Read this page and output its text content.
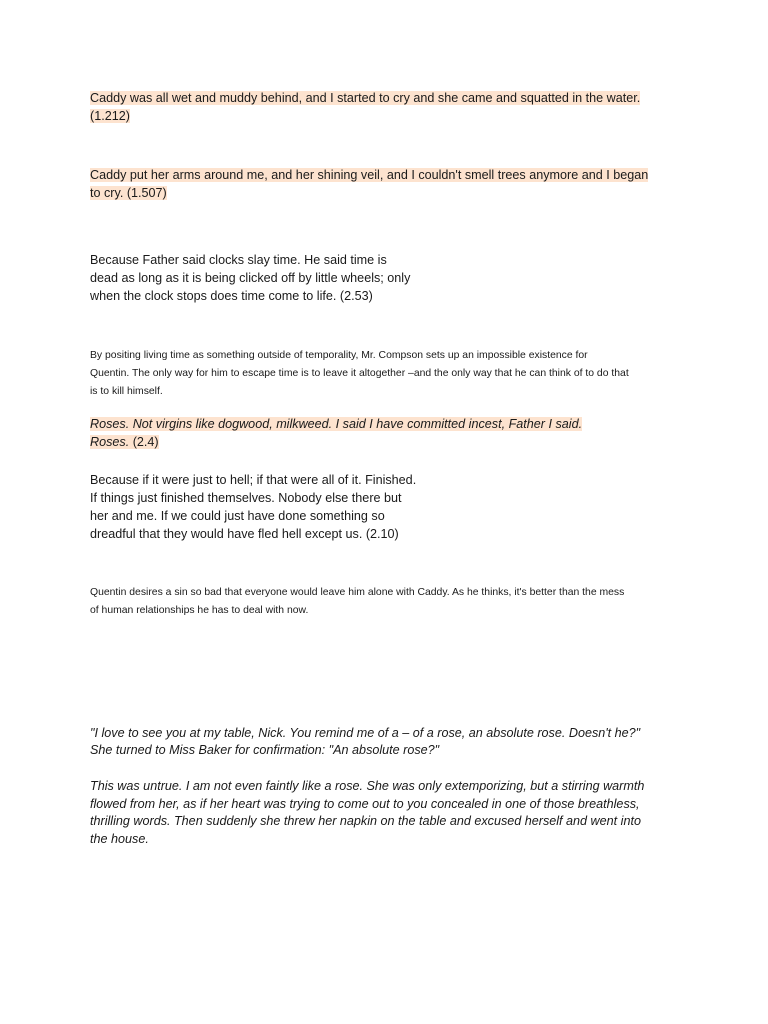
Caddy was all wet and muddy behind, and I started to cry and she came and squatted in the water.
(1.212)
Caddy put her arms around me, and her shining veil, and I couldn't smell trees anymore and I began
to cry. (1.507)
Because Father said clocks slay time. He said time is
dead as long as it is being clicked off by little wheels; only
when the clock stops does time come to life. (2.53)
By positing living time as something outside of temporality, Mr. Compson sets up an impossible existence for
Quentin. The only way for him to escape time is to leave it altogether –and the only way that he can think of to do that
is to kill himself.
Roses. Not virgins like dogwood, milkweed. I said I have committed incest, Father I said.
Roses. (2.4)
Because if it were just to hell; if that were all of it. Finished.
If things just finished themselves. Nobody else there but
her and me. If we could just have done something so
dreadful that they would have fled hell except us. (2.10)
Quentin desires a sin so bad that everyone would leave him alone with Caddy. As he thinks, it's better than the mess
of human relationships he has to deal with now.
"I love to see you at my table, Nick. You remind me of a – of a rose, an absolute rose. Doesn't he?"
She turned to Miss Baker for confirmation: "An absolute rose?"
This was untrue. I am not even faintly like a rose. She was only extemporizing, but a stirring warmth
flowed from her, as if her heart was trying to come out to you concealed in one of those breathless,
thrilling words. Then suddenly she threw her napkin on the table and excused herself and went into
the house.
